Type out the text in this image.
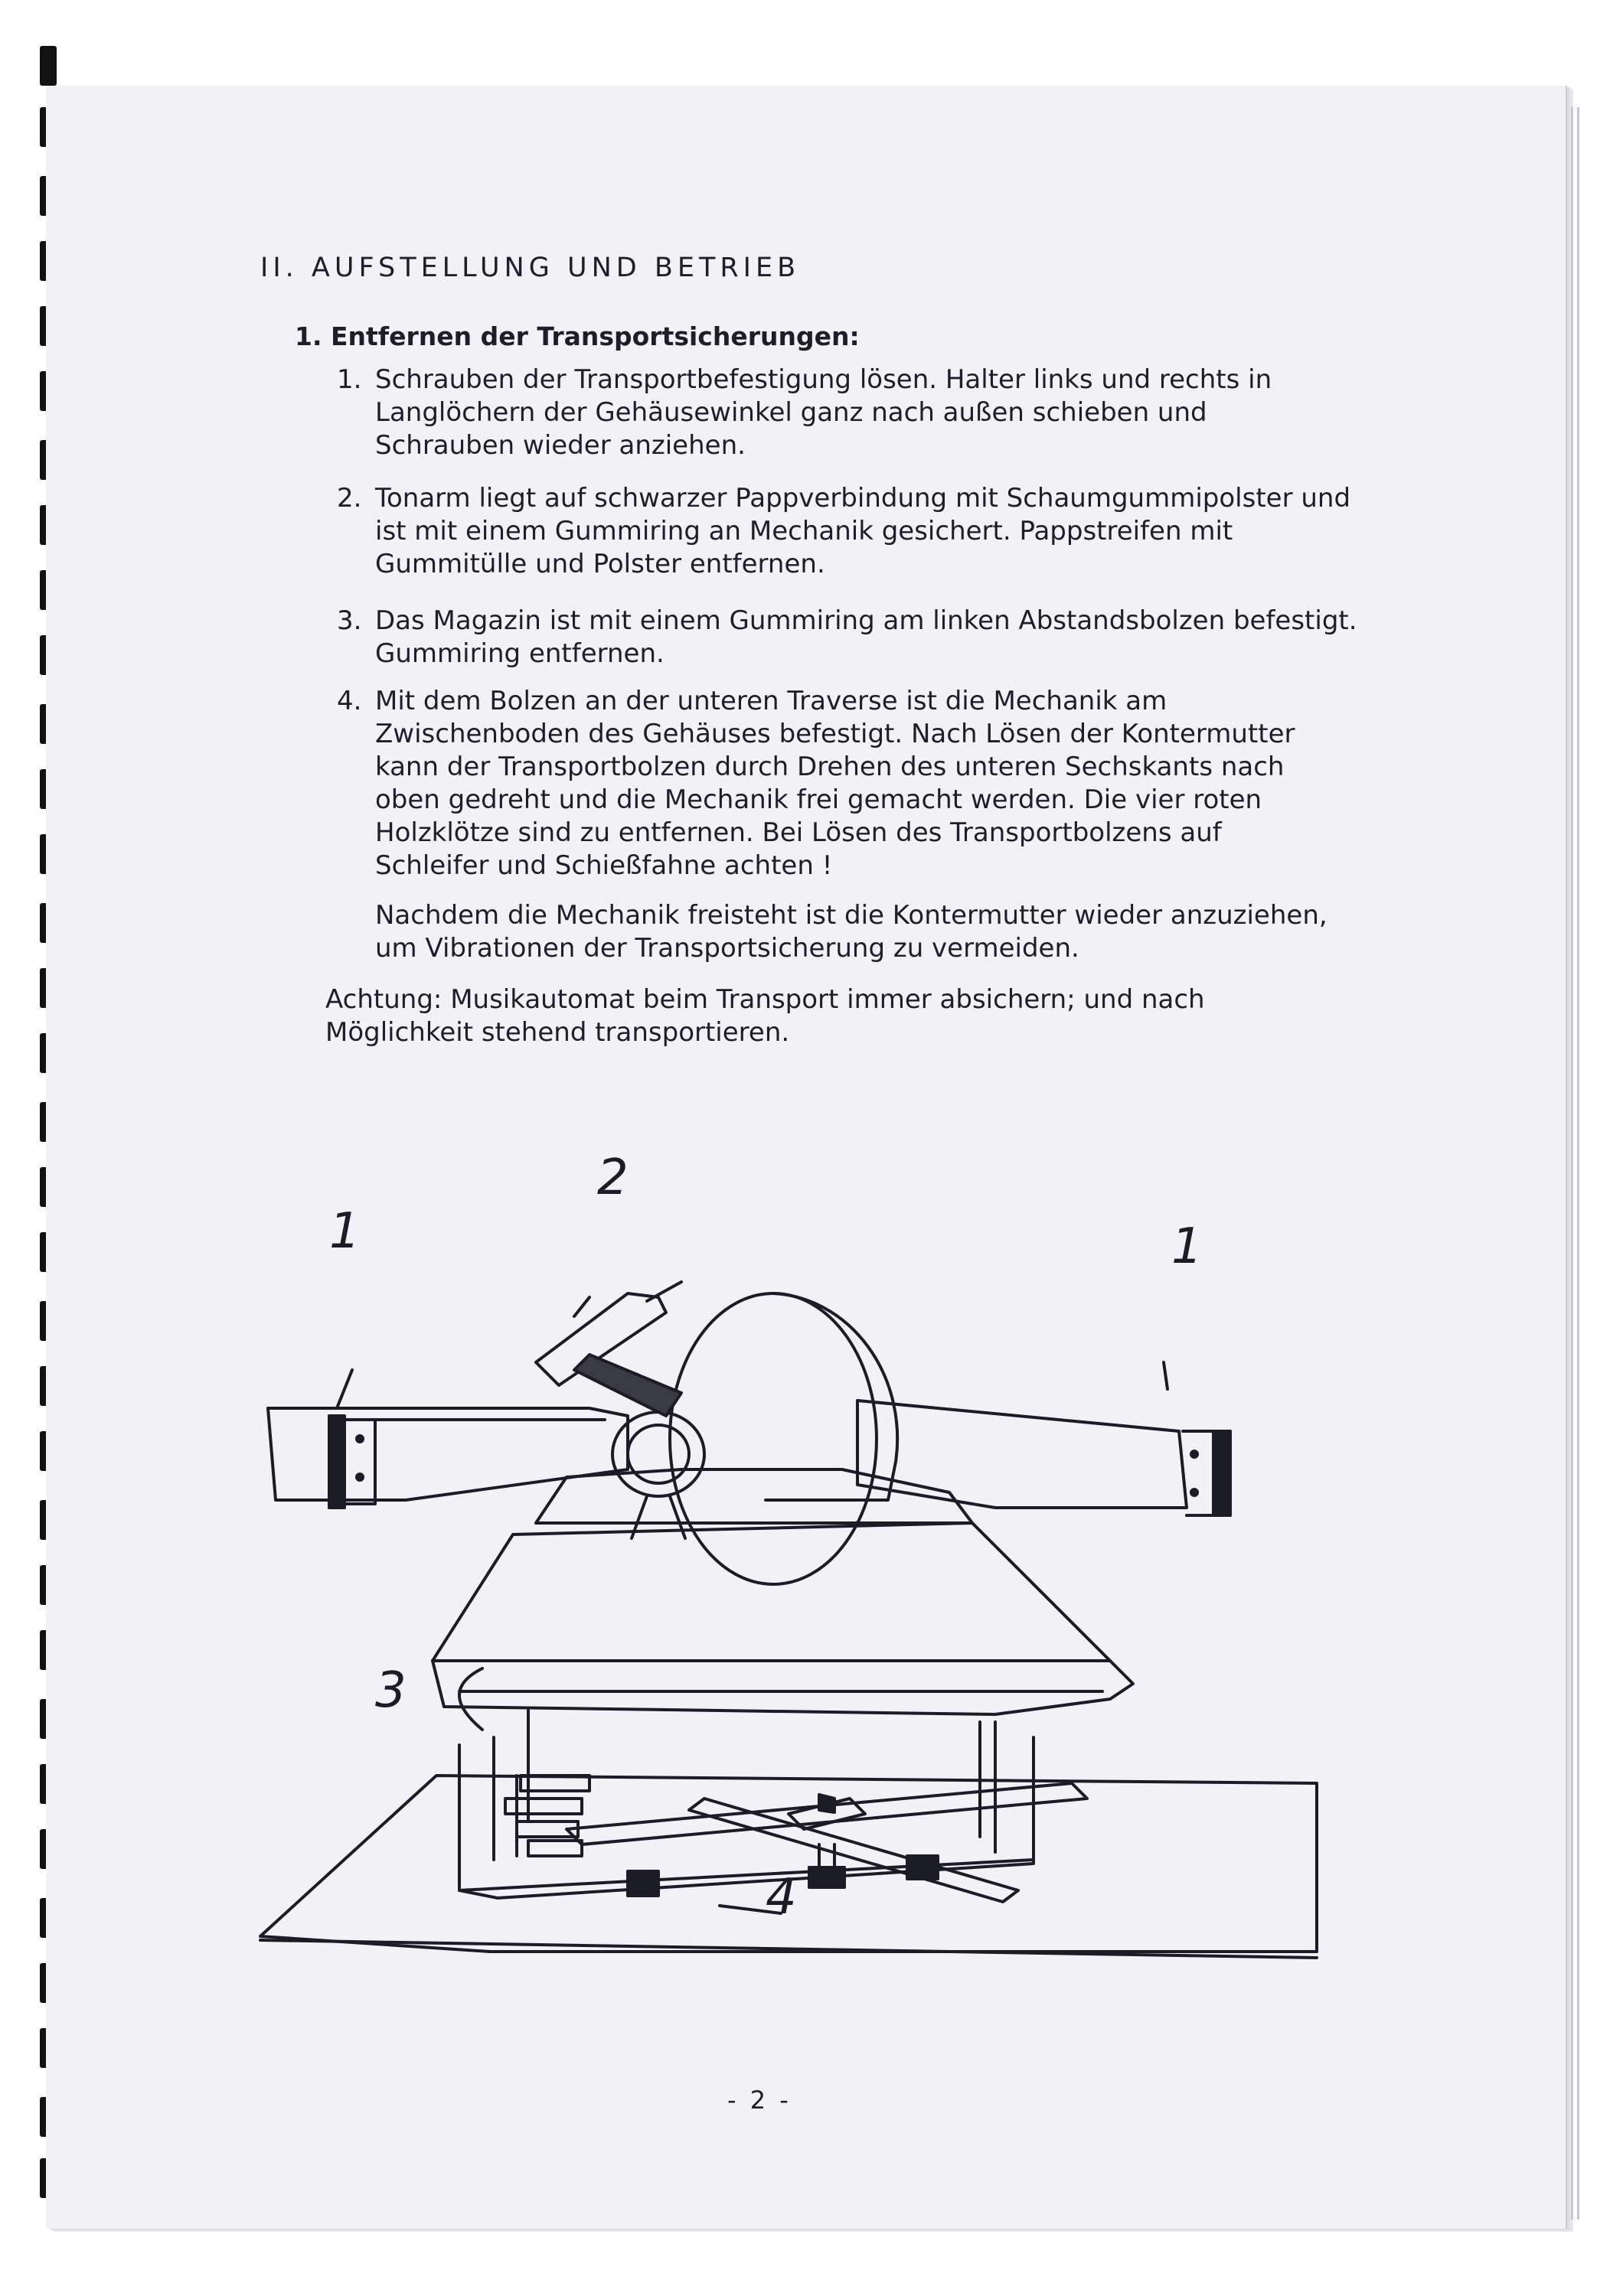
II. AUFSTELLUNG UND BETRIEB
1. Entfernen der Transportsicherungen:
1. Schrauben der Transportbefestigung lösen. Halter links und rechts in Langlöchern der Gehäusewinkel ganz nach außen schieben und Schrauben wieder anziehen.
2. Tonarm liegt auf schwarzer Pappverbindung mit Schaumgummipolster und ist mit einem Gummiring an Mechanik gesichert. Pappstreifen mit Gummitülle und Polster entfernen.
3. Das Magazin ist mit einem Gummiring am linken Abstandsbolzen befestigt. Gummiring entfernen.
4. Mit dem Bolzen an der unteren Traverse ist die Mechanik am Zwischenboden des Gehäuses befestigt. Nach Lösen der Kontermutter kann der Transportbolzen durch Drehen des unteren Sechskants nach oben gedreht und die Mechanik frei gemacht werden. Die vier roten Holzklötze sind zu entfernen. Bei Lösen des Transportbolzens auf Schleifer und Schießfahne achten !
Nachdem die Mechanik freisteht ist die Kontermutter wieder anzuziehen, um Vibrationen der Transportsicherung zu vermeiden.
Achtung: Musikautomat beim Transport immer absichern; und nach Möglichkeit stehend transportieren.
1	1
2
3
4
- 2 -
